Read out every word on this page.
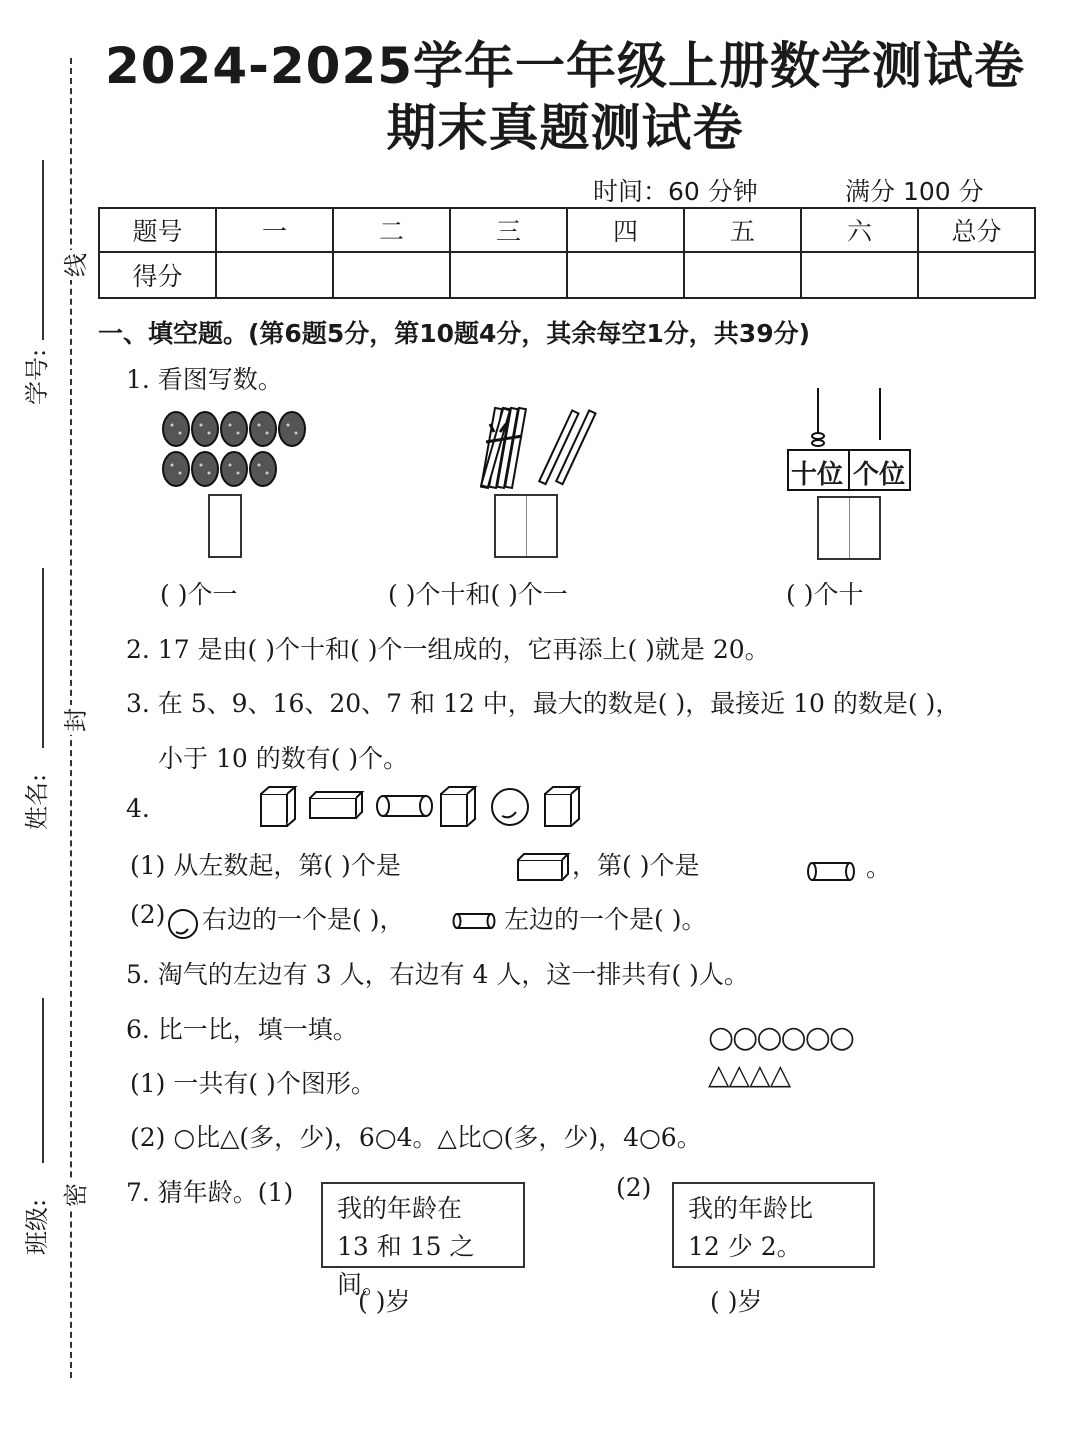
线
学号:
封
姓名:
密
班级:
2024-2025学年一年级上册数学测试卷
期末真题测试卷
时间：60 分钟	满分 100 分
题号	一	二	三	四	五	六	总分
得分							
一、填空题。(第6题5分，第10题4分，其余每空1分，共39分)
1. 看图写数。
十位 个位
( )个一	( )个十和( )个一	( )个十
2. 17 是由( )个十和( )个一组成的，它再添上( )就是 20。
3. 在 5、9、16、20、7 和 12 中，最大的数是( )，最接近 10 的数是( )，
小于 10 的数有( )个。
4.
(1) 从左数起，第( )个是	，第( )个是	。
(2) 右边的一个是( )，	左边的一个是( )。
5. 淘气的左边有 3 人，右边有 4 人，这一排共有( )人。
6. 比一比，填一填。	○○○○○○
△△△△
(1) 一共有( )个图形。
(2) ○比△(多，少)，6○4。△比○(多，少)，4○6。
7. 猜年龄。(1)
我的年龄在
13 和 15 之间。
(2)
我的年龄比
12 少 2。
( )岁	( )岁
